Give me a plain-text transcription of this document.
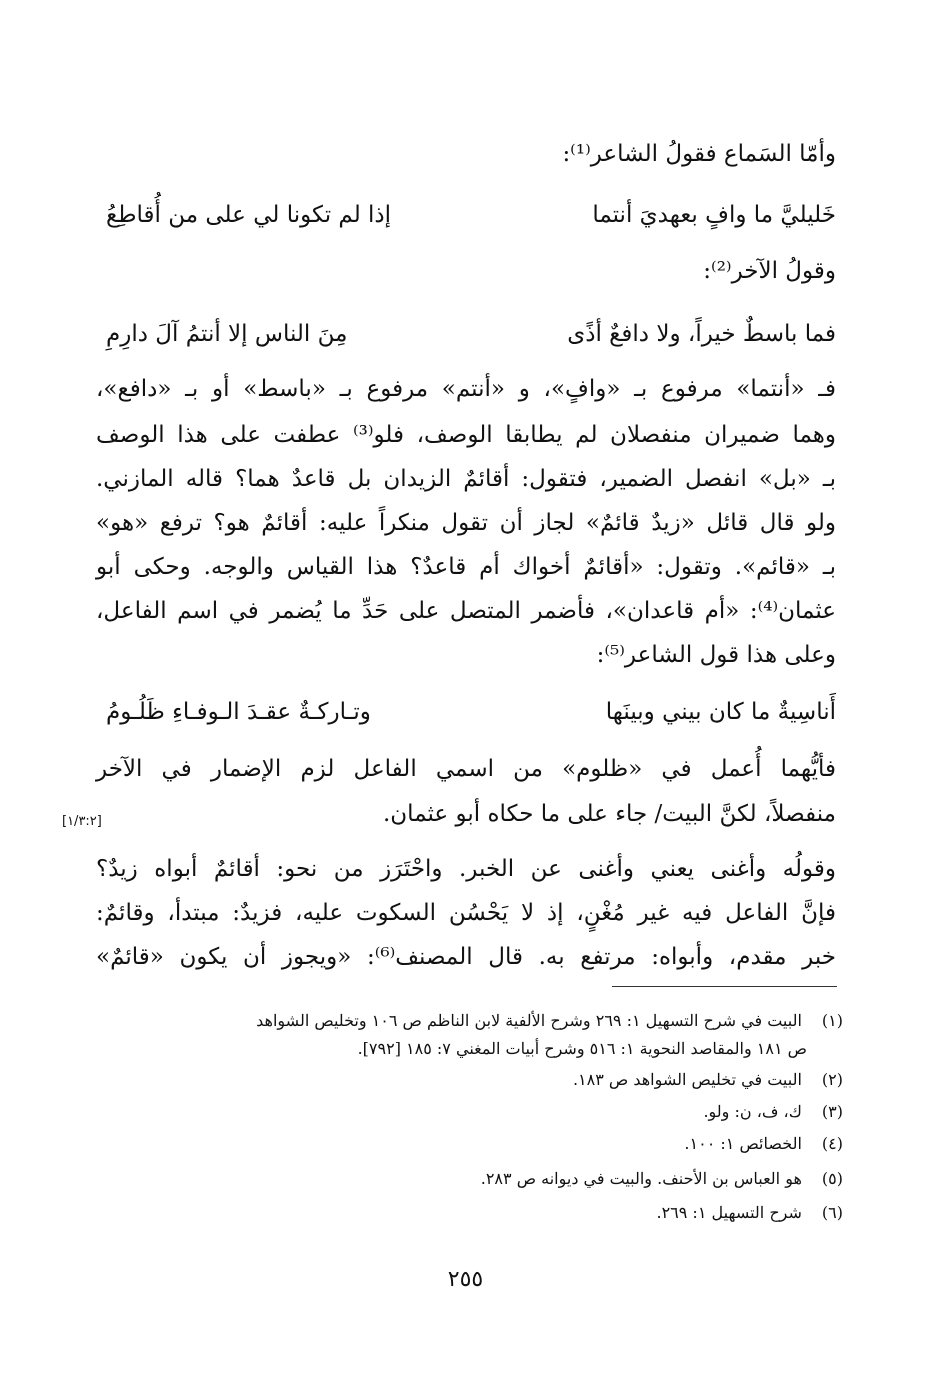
وأمّا السَماع فقولُ الشاعر⁽¹⁾:
خَليليَّ ما وافٍ بعهديَ أنتما
إذا لم تكونا لي على من أُقاطِعُ
وقولُ الآخر⁽²⁾:
فما باسطٌ خيراً، ولا دافعٌ أذًى
مِنَ الناس إلا أنتمُ آلَ دارِمِ
فـ «أنتما» مرفوع بـ «وافٍ»، و «أنتم» مرفوع بـ «باسط» أو بـ «دافع»،
وهما ضميران منفصلان لم يطابقا الوصف، فلو⁽³⁾ عطفت على هذا الوصف
بـ «بل» انفصل الضمير، فتقول: أقائمٌ الزيدان بل قاعدٌ هما؟ قاله المازني.
ولو قال قائل «زيدٌ قائمٌ» لجاز أن تقول منكراً عليه: أقائمٌ هو؟ ترفع «هو»
بـ «قائم». وتقول: «أقائمٌ أخواك أم قاعدٌ؟ هذا القياس والوجه. وحكى أبو
عثمان⁽⁴⁾: «أم قاعدان»، فأضمر المتصل على حَدِّ ما يُضمر في اسم الفاعل،
وعلى هذا قول الشاعر⁽⁵⁾:
أَناسِيةٌ ما كان بيني وبينَها
وتـاركـةٌ عقـدَ الـوفـاءِ ظَلُـومُ
فأيُّهما أُعمل في «ظلوم» من اسمي الفاعل لزم الإضمار في الآخر
منفصلاً، لكنَّ البيت/ جاء على ما حكاه أبو عثمان.
[١/٣:٢]
وقولُه وأغنى يعني وأغنى عن الخبر. واحْتَرَز من نحو: أقائمٌ أبواه زيدٌ؟
فإنَّ الفاعل فيه غير مُغْنٍ، إذ لا يَحْسُن السكوت عليه، فزيدٌ: مبتدأ، وقائمٌ:
خبر مقدم، وأبواه: مرتفع به. قال المصنف⁽⁶⁾: «ويجوز أن يكون «قائمٌ»
(١) البيت في شرح التسهيل ١: ٢٦٩ وشرح الألفية لابن الناظم ص ١٠٦ وتخليص الشواهد
ص ١٨١ والمقاصد النحوية ١: ٥١٦ وشرح أبيات المغني ٧: ١٨٥ [٧٩٢].
(٢) البيت في تخليص الشواهد ص ١٨٣.
(٣) ك، ف، ن: ولو.
(٤) الخصائص ١: ١٠٠.
(٥) هو العباس بن الأحنف. والبيت في ديوانه ص ٢٨٣.
(٦) شرح التسهيل ١: ٢٦٩.
٢٥٥
